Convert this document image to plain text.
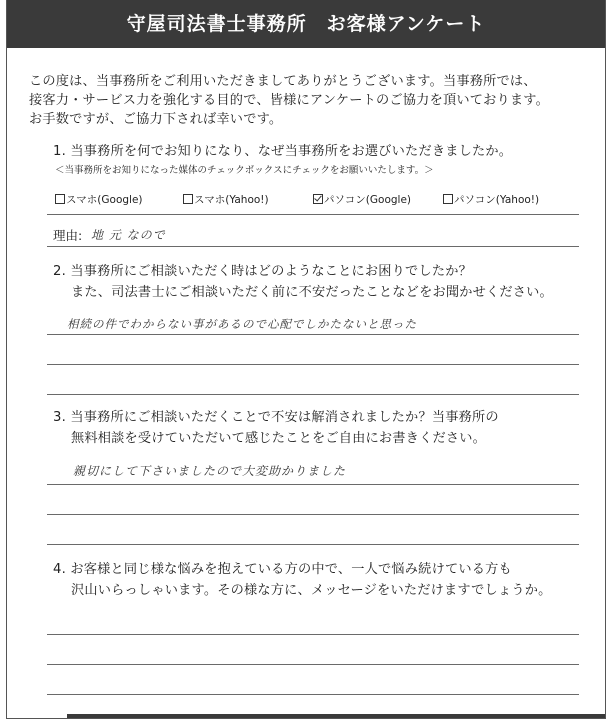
守屋司法書士事務所　お客様アンケート
この度は、当事務所をご利用いただきましてありがとうございます。当事務所では、
接客力・サービス力を強化する目的で、皆様にアンケートのご協力を頂いております。
お手数ですが、ご協力下されば幸いです。
1. 当事務所を何でお知りになり、なぜ当事務所をお選びいただきましたか。
＜当事務所をお知りになった媒体のチェックボックスにチェックをお願いいたします。＞
スマホ(Google)	スマホ(Yahoo!)	パソコン(Google)	パソコン(Yahoo!)
理由: 地 元 なので
2. 当事務所にご相談いただく時はどのようなことにお困りでしたか？
また、司法書士にご相談いただく前に不安だったことなどをお聞かせください。
相続の件でわからない事があるので心配でしかたないと思った
3. 当事務所にご相談いただくことで不安は解消されましたか？当事務所の
無料相談を受けていただいて感じたことをご自由にお書きください。
親切にして下さいましたので大変助かりました
4. お客様と同じ様な悩みを抱えている方の中で、一人で悩み続けている方も
沢山いらっしゃいます。その様な方に、メッセージをいただけますでしょうか。
